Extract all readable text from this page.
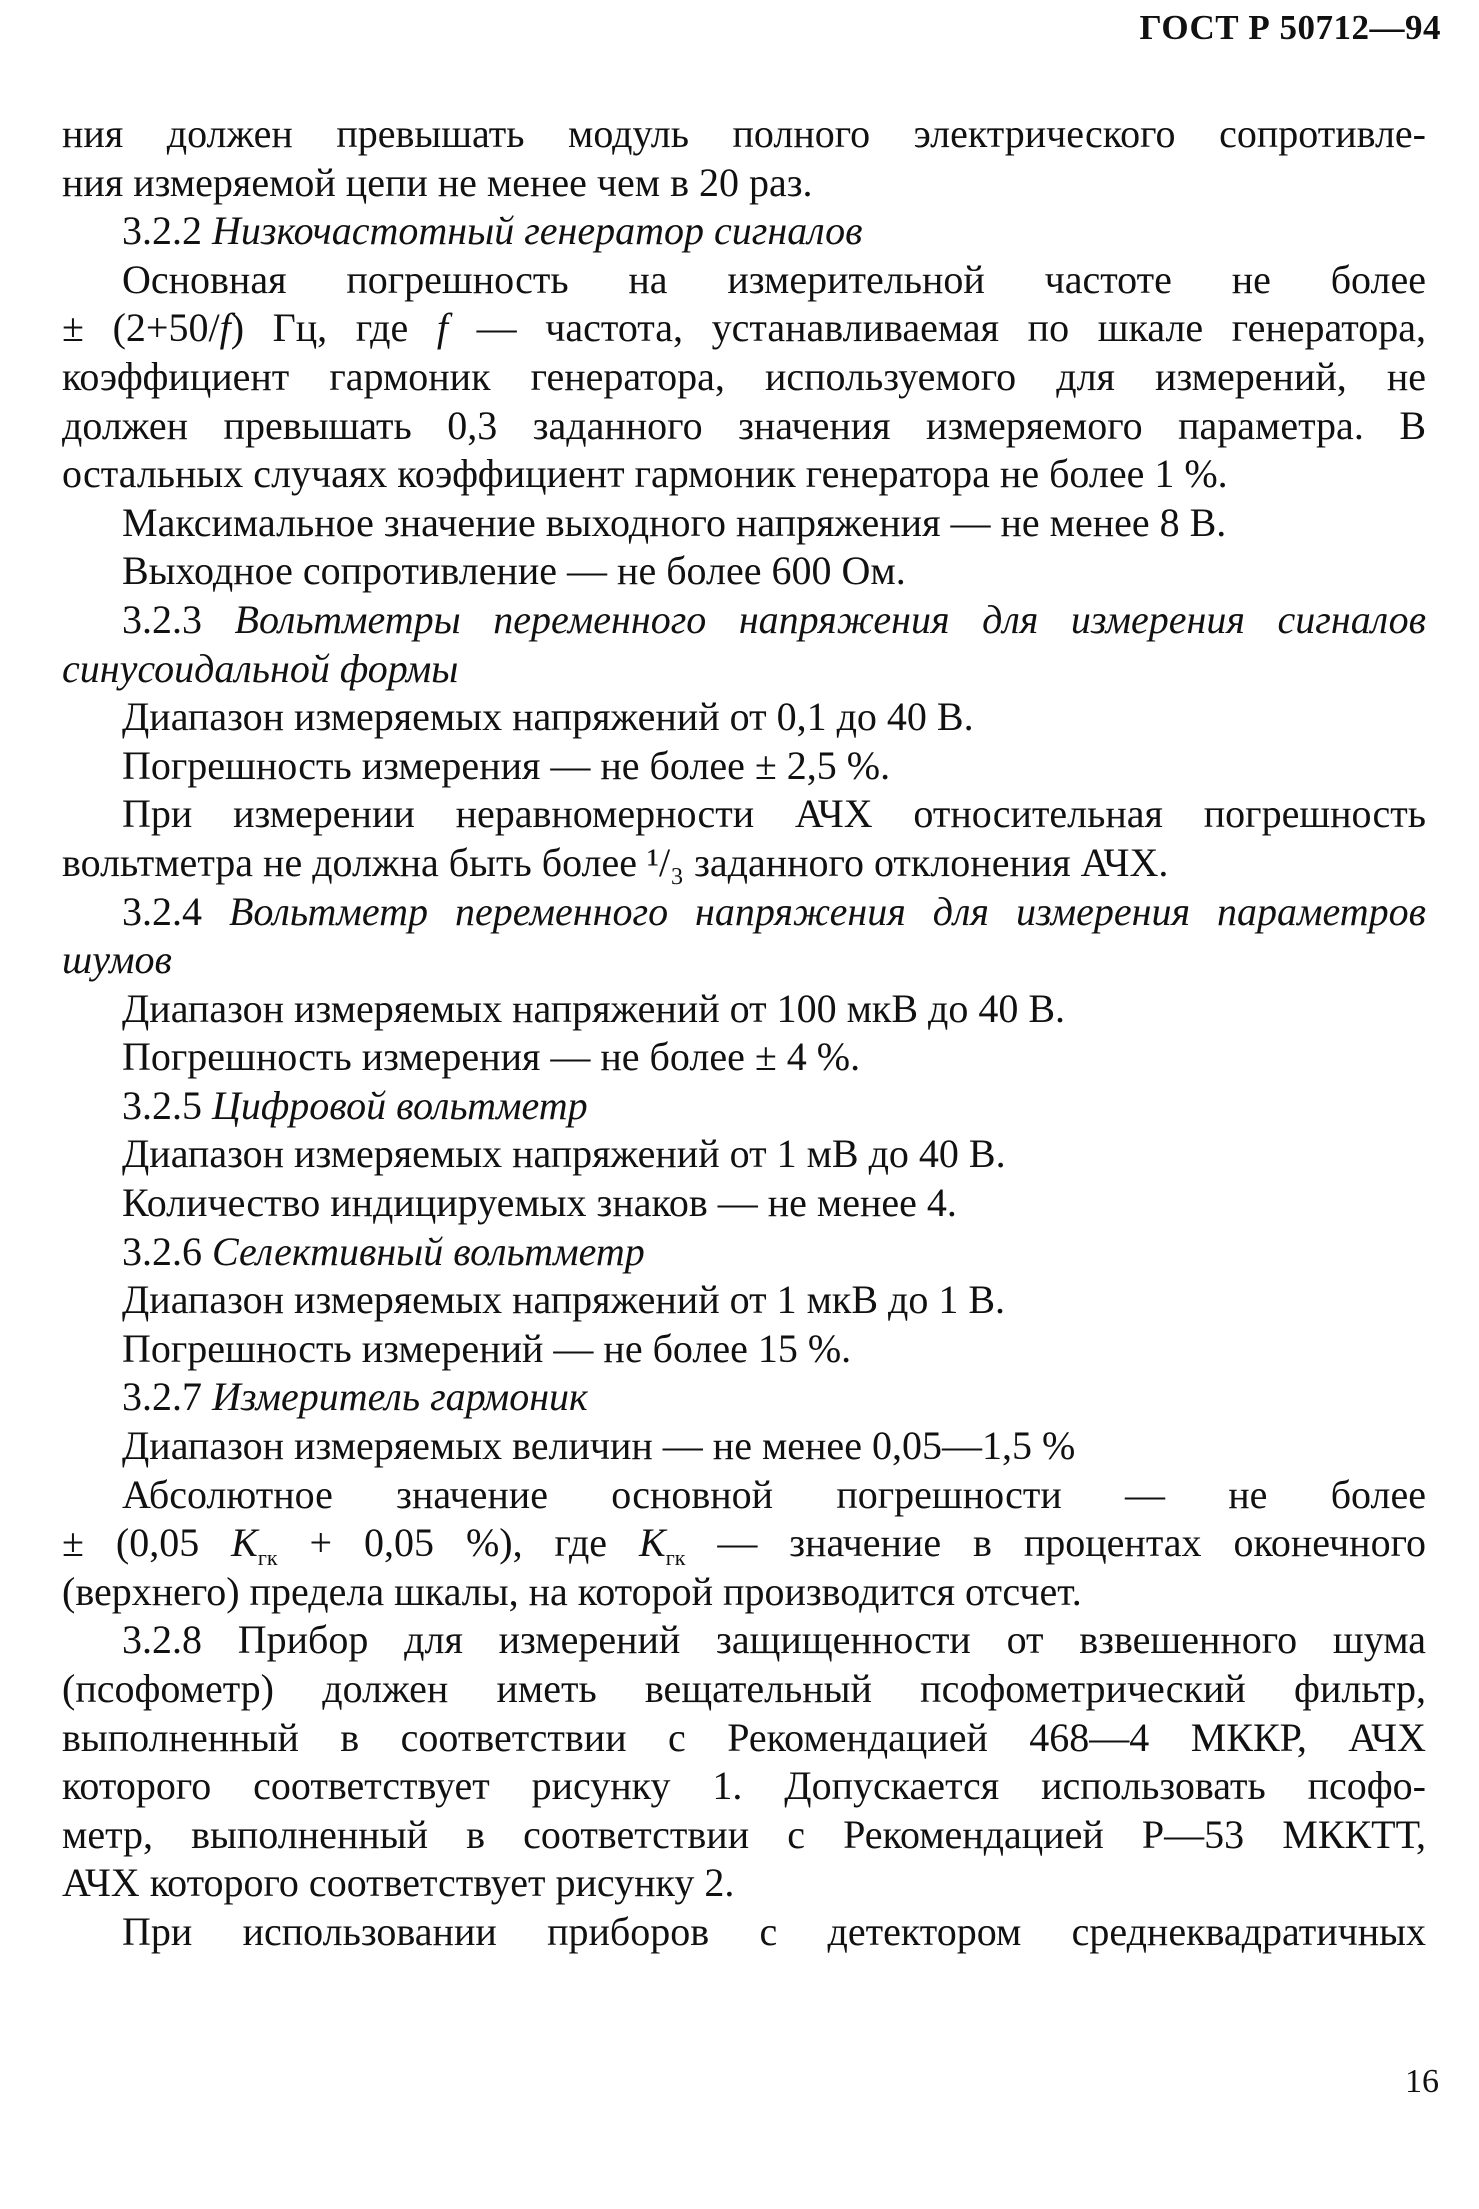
ГОСТ Р 50712—94
ния должен превышать модуль полного электрического сопротивле-
ния измеряемой цепи не менее чем в 20 раз.
3.2.2 Низкочастотный генератор сигналов
Основная погрешность на измерительной частоте не более
± (2+50/f) Гц, где f — частота, устанавливаемая по шкале генератора,
коэффициент гармоник генератора, используемого для измерений, не
должен превышать 0,3 заданного значения измеряемого параметра. В
остальных случаях коэффициент гармоник генератора не более 1 %.
Максимальное значение выходного напряжения — не менее 8 В.
Выходное сопротивление — не более 600 Ом.
3.2.3 Вольтметры переменного напряжения для измерения сигналов
синусоидальной формы
Диапазон измеряемых напряжений от 0,1 до 40 В.
Погрешность измерения — не более ± 2,5 %.
При измерении неравномерности АЧХ относительная погрешность
вольтметра не должна быть более ¹/₃ заданного отклонения АЧХ.
3.2.4 Вольтметр переменного напряжения для измерения параметров
шумов
Диапазон измеряемых напряжений от 100 мкВ до 40 В.
Погрешность измерения — не более ± 4 %.
3.2.5 Цифровой вольтметр
Диапазон измеряемых напряжений от 1 мВ до 40 В.
Количество индицируемых знаков — не менее 4.
3.2.6 Селективный вольтметр
Диапазон измеряемых напряжений от 1 мкВ до 1 В.
Погрешность измерений — не более 15 %.
3.2.7 Измеритель гармоник
Диапазон измеряемых величин — не менее 0,05—1,5 %
Абсолютное значение основной погрешности — не более
± (0,05 $K_{гк} + 0,05$ %), где $K_{гк}$ — значение в процентах оконечного
(верхнего) предела шкалы, на которой производится отсчет.
3.2.8 Прибор для измерений защищенности от взвешенного шума
(псофометр) должен иметь вещательный псофометрический фильтр,
выполненный в соответствии с Рекомендацией 468—4 МККР, АЧХ
которого соответствует рисунку 1. Допускается использовать псофо-
метр, выполненный в соответствии с Рекомендацией Р—53 МККТТ,
АЧХ которого соответствует рисунку 2.
При использовании приборов с детектором среднеквадратичных
16
